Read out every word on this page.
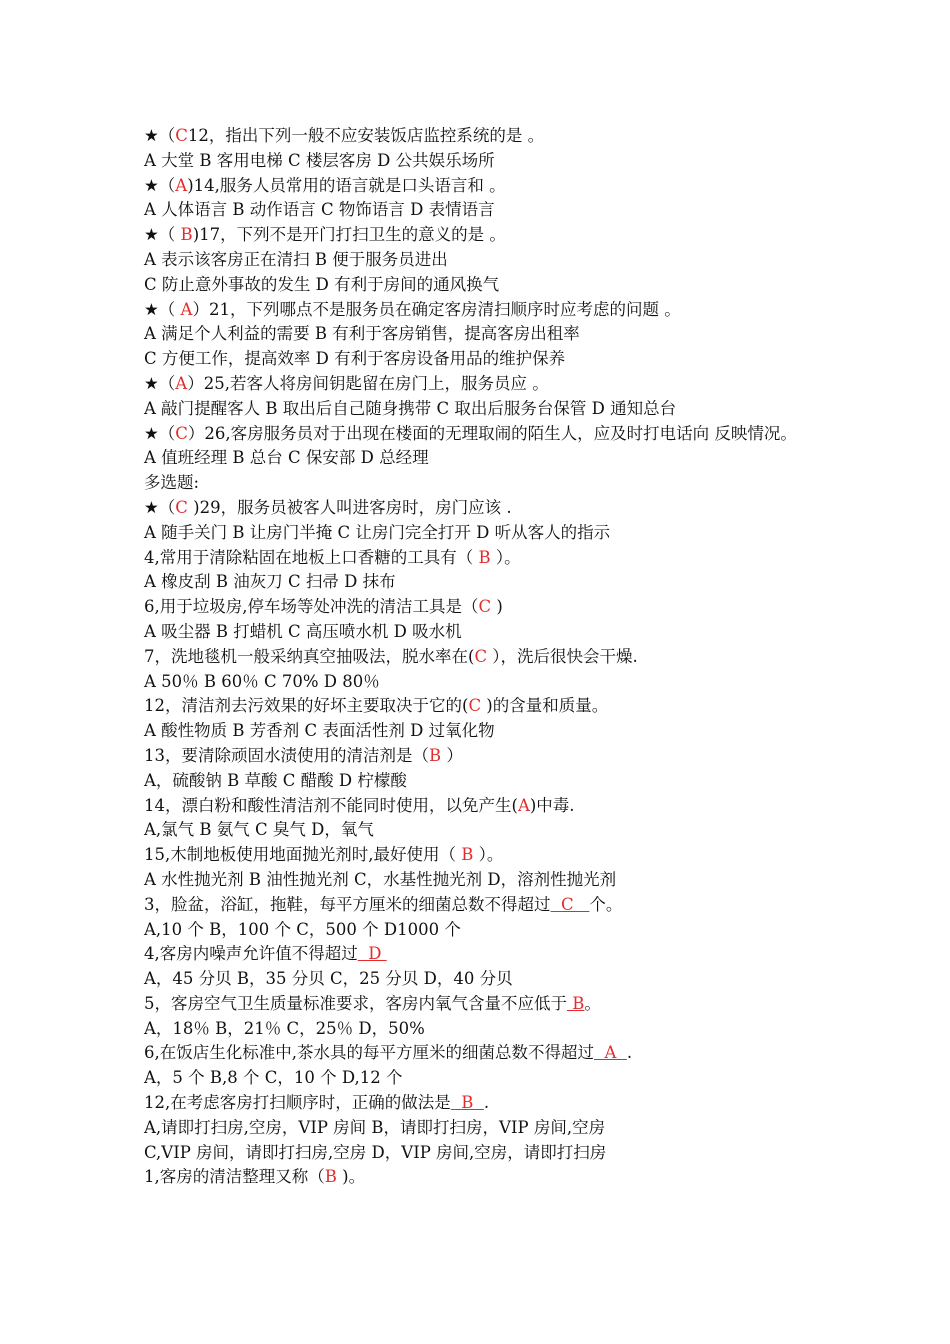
★（C12，指出下列一般不应安装饭店监控系统的是 。
A 大堂 B 客用电梯 C 楼层客房 D 公共娱乐场所
★（A)14,服务人员常用的语言就是口头语言和 。
A 人体语言 B 动作语言 C 物饰语言 D 表情语言
★（ B)17，下列不是开门打扫卫生的意义的是 。
A 表示该客房正在清扫 B 便于服务员进出
C 防止意外事故的发生 D 有利于房间的通风换气
★（ A）21，下列哪点不是服务员在确定客房清扫顺序时应考虑的问题 。
A 满足个人利益的需要 B 有利于客房销售，提高客房出租率
C 方便工作，提高效率 D 有利于客房设备用品的维护保养
★（A）25,若客人将房间钥匙留在房门上，服务员应 。
A 敲门提醒客人 B 取出后自己随身携带 C 取出后服务台保管 D 通知总台
★（C）26,客房服务员对于出现在楼面的无理取闹的陌生人，应及时打电话向 反映情况。
A 值班经理 B 总台 C 保安部 D 总经理
多选题:
★（C )29，服务员被客人叫进客房时，房门应该 .
A 随手关门 B 让房门半掩 C 让房门完全打开 D 听从客人的指示
4,常用于清除粘固在地板上口香糖的工具有（ B ）。
A 橡皮刮 B 油灰刀 C 扫帚 D 抹布
6,用于垃圾房,停车场等处冲洗的清洁工具是（C )
A 吸尘器 B 打蜡机 C 高压喷水机 D 吸水机
7，洗地毯机一般采纳真空抽吸法，脱水率在(C ），洗后很快会干燥.
A 50％ B 60％ C 70% D 80％
12，清洁剂去污效果的好坏主要取决于它的(C )的含量和质量。
A 酸性物质 B 芳香剂 C 表面活性剂 D 过氧化物
13，要清除顽固水渍使用的清洁剂是（B ）
A，硫酸钠 B 草酸 C 醋酸 D 柠檬酸
14，漂白粉和酸性清洁剂不能同时使用，以免产生(A)中毒.
A,氯气 B 氨气 C 臭气 D，氧气
15,木制地板使用地面抛光剂时,最好使用（ B ）。
A 水性抛光剂 B 油性抛光剂 C，水基性抛光剂 D，溶剂性抛光剂
3，脸盆，浴缸，拖鞋，每平方厘米的细菌总数不得超过  C   个。
A,10 个 B，100 个 C，500 个 D1000 个
4,客房内噪声允许值不得超过  D
A，45 分贝 B，35 分贝 C，25 分贝 D，40 分贝
5，客房空气卫生质量标准要求，客房内氧气含量不应低于 B。
A，18％ B，21％ C，25％ D，50%
6,在饭店生化标准中,茶水具的每平方厘米的细菌总数不得超过  A  .
A，5 个 B,8 个 C，10 个 D,12 个
12,在考虑客房打扫顺序时，正确的做法是  B  .
A,请即打扫房,空房，VIP 房间 B，请即打扫房，VIP 房间,空房
C,VIP 房间，请即打扫房,空房 D，VIP 房间,空房，请即打扫房
1,客房的清洁整理又称（B )。
